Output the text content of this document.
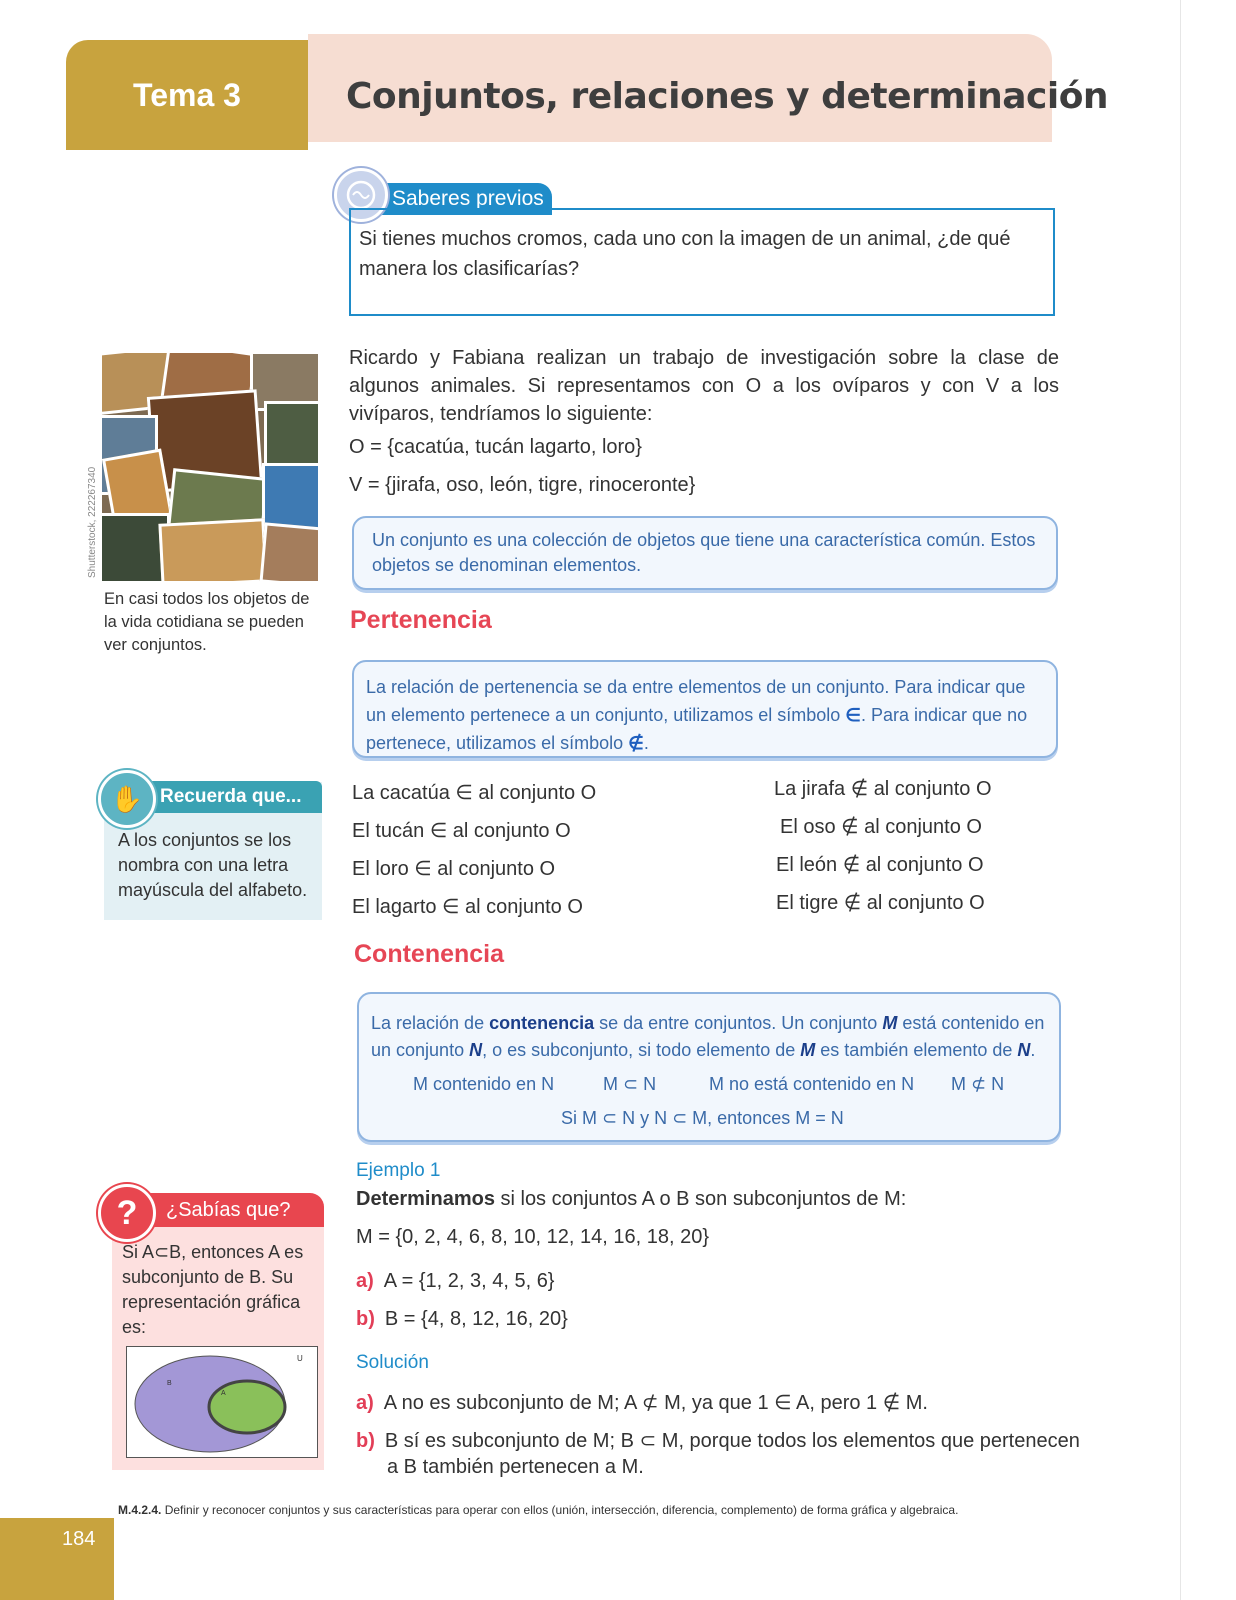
Tema 3	Conjuntos, relaciones y determinación
Saberes previos
Si tienes muchos cromos, cada uno con la imagen de un animal, ¿de qué manera los clasificarías?
Shutterstock, 222267340
En casi todos los objetos de la vida cotidiana se pueden ver conjuntos.
Ricardo y Fabiana realizan un trabajo de investigación sobre la clase de algunos animales. Si representamos con O a los ovíparos y con V a los vivíparos, tendríamos lo siguiente:
O = {cacatúa, tucán lagarto, loro}
V = {jirafa, oso, león, tigre, rinoceronte}
Un conjunto es una colección de objetos que tiene una característica común. Estos objetos se denominan elementos.
Pertenencia
La relación de pertenencia se da entre elementos de un conjunto. Para indicar que un elemento pertenece a un conjunto, utilizamos el símbolo ∈. Para indicar que no pertenece, utilizamos el símbolo ∉.
Recuerda que...
✋
A los conjuntos se los nombra con una letra mayúscula del alfabeto.
La cacatúa ∈ al conjunto O
El tucán ∈ al conjunto O
El loro ∈ al conjunto O
El lagarto ∈ al conjunto O
La jirafa ∉ al conjunto O
El oso ∉ al conjunto O
El león ∉ al conjunto O
El tigre ∉ al conjunto O
Contenencia
La relación de contenencia se da entre conjuntos. Un conjunto M está contenido en un conjunto N, o es subconjunto, si todo elemento de M es también elemento de N.
M contenido en N	M ⊂ N	M no está contenido en N M ⊄ N
Si M ⊂ N y N ⊂ M, entonces M = N
Ejemplo 1
Determinamos si los conjuntos A o B son subconjuntos de M:
M = {0, 2, 4, 6, 8, 10, 12, 14, 16, 18, 20}
a) A = {1, 2, 3, 4, 5, 6}
b) B = {4, 8, 12, 16, 20}
Solución
a) A no es subconjunto de M; A ⊄ M, ya que 1 ∈ A, pero 1 ∉ M.
b) B sí es subconjunto de M; B ⊂ M, porque todos los elementos que pertenecen
a B también pertenecen a M.
¿Sabías que?
?
Si A⊂B, entonces A es subconjunto de B. Su representación gráfica es:
U
B
A
M.4.2.4. Definir y reconocer conjuntos y sus características para operar con ellos (unión, intersección, diferencia, complemento) de forma gráfica y algebraica.
184
